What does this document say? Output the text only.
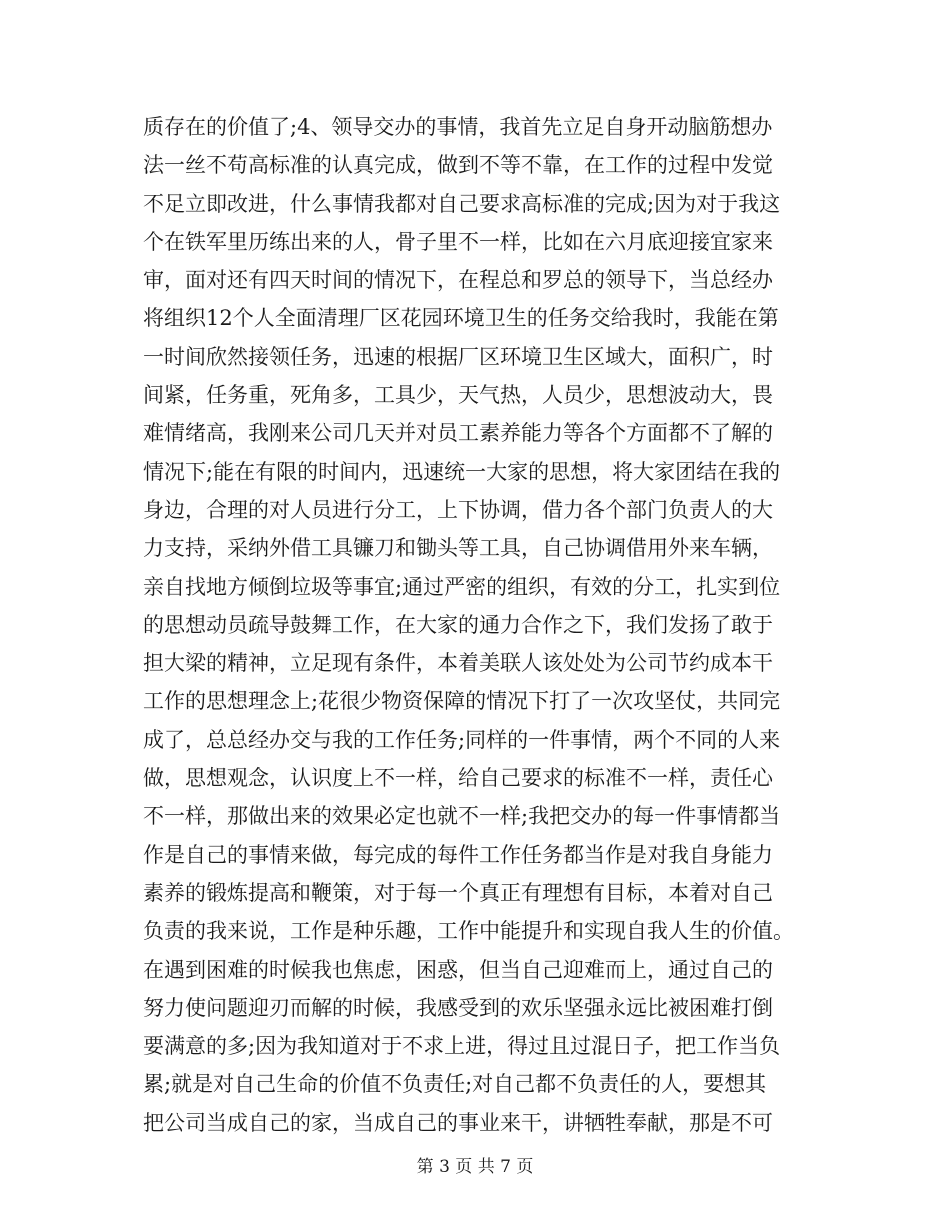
质存在的价值了;4、领导交办的事情，我首先立足自身开动脑筋想办
法一丝不苟高标准的认真完成，做到不等不靠，在工作的过程中发觉
不足立即改进，什么事情我都对自己要求高标准的完成;因为对于我这
个在铁军里历练出来的人，骨子里不一样，比如在六月底迎接宜家来
审，面对还有四天时间的情况下，在程总和罗总的领导下，当总经办
将组织12个人全面清理厂区花园环境卫生的任务交给我时，我能在第
一时间欣然接领任务，迅速的根据厂区环境卫生区域大，面积广，时
间紧，任务重，死角多，工具少，天气热，人员少，思想波动大，畏
难情绪高，我刚来公司几天并对员工素养能力等各个方面都不了解的
情况下;能在有限的时间内，迅速统一大家的思想，将大家团结在我的
身边，合理的对人员进行分工，上下协调，借力各个部门负责人的大
力支持，采纳外借工具镰刀和锄头等工具，自己协调借用外来车辆，
亲自找地方倾倒垃圾等事宜;通过严密的组织，有效的分工，扎实到位
的思想动员疏导鼓舞工作，在大家的通力合作之下，我们发扬了敢于
担大梁的精神，立足现有条件，本着美联人该处处为公司节约成本干
工作的思想理念上;花很少物资保障的情况下打了一次攻坚仗，共同完
成了，总总经办交与我的工作任务;同样的一件事情，两个不同的人来
做，思想观念，认识度上不一样，给自己要求的标准不一样，责任心
不一样，那做出来的效果必定也就不一样;我把交办的每一件事情都当
作是自己的事情来做，每完成的每件工作任务都当作是对我自身能力
素养的锻炼提高和鞭策，对于每一个真正有理想有目标，本着对自己
负责的我来说，工作是种乐趣，工作中能提升和实现自我人生的价值。
在遇到困难的时候我也焦虑，困惑，但当自己迎难而上，通过自己的
努力使问题迎刃而解的时候，我感受到的欢乐坚强永远比被困难打倒
要满意的多;因为我知道对于不求上进，得过且过混日子，把工作当负
累;就是对自己生命的价值不负责任;对自己都不负责任的人，要想其
把公司当成自己的家，当成自己的事业来干，讲牺牲奉献，那是不可
第 3 页 共 7 页
